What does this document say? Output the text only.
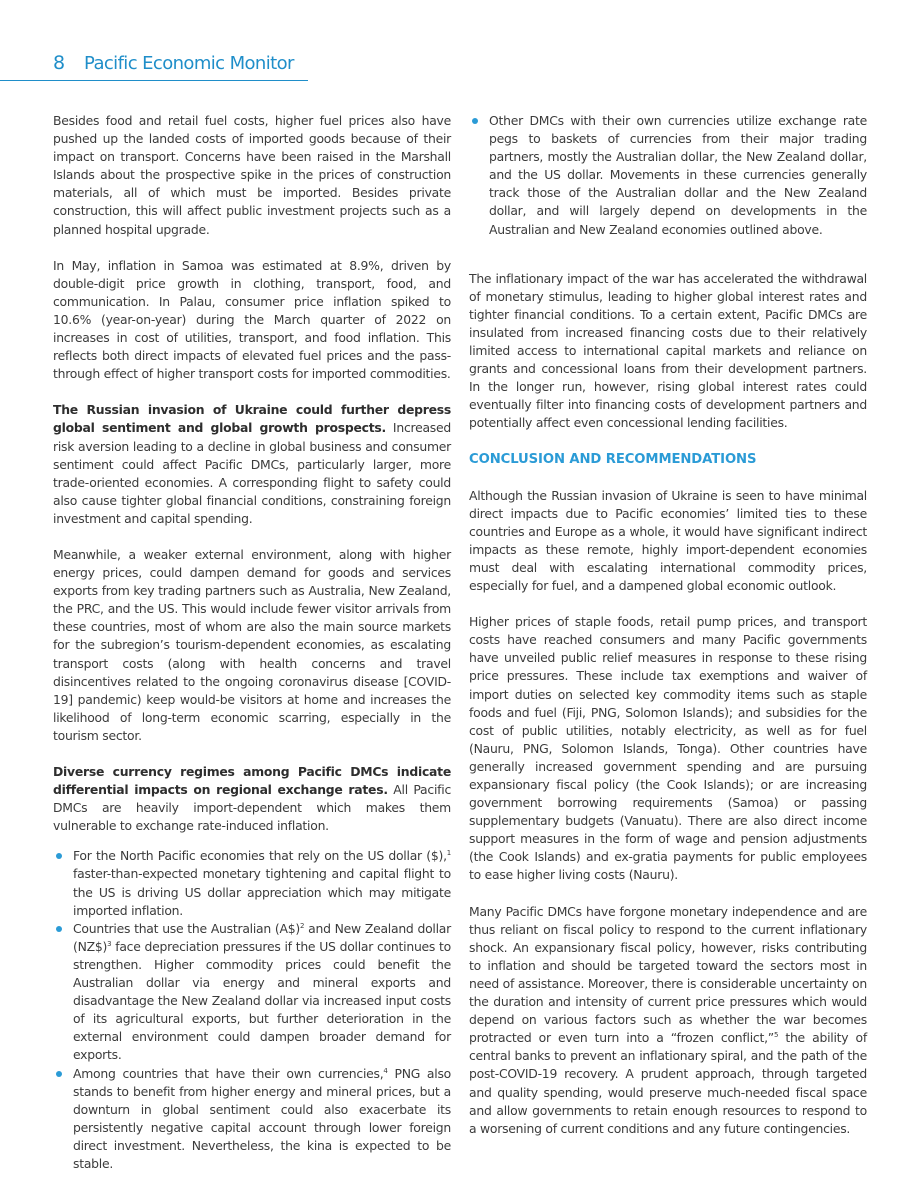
8 Pacific Economic Monitor

Besides food and retail fuel costs, higher fuel prices also have pushed up the landed costs of imported goods because of their impact on transport. Concerns have been raised in the Marshall Islands about the prospective spike in the prices of construction materials, all of which must be imported. Besides private construction, this will affect public investment projects such as a planned hospital upgrade.

In May, inflation in Samoa was estimated at 8.9%, driven by double-digit price growth in clothing, transport, food, and communication. In Palau, consumer price inflation spiked to 10.6% (year-on-year) during the March quarter of 2022 on increases in cost of utilities, transport, and food inflation. This reflects both direct impacts of elevated fuel prices and the pass-through effect of higher transport costs for imported commodities.

The Russian invasion of Ukraine could further depress global sentiment and global growth prospects. Increased risk aversion leading to a decline in global business and consumer sentiment could affect Pacific DMCs, particularly larger, more trade-oriented economies. A corresponding flight to safety could also cause tighter global financial conditions, constraining foreign investment and capital spending.

Meanwhile, a weaker external environment, along with higher energy prices, could dampen demand for goods and services exports from key trading partners such as Australia, New Zealand, the PRC, and the US. This would include fewer visitor arrivals from these countries, most of whom are also the main source markets for the subregion’s tourism-dependent economies, as escalating transport costs (along with health concerns and travel disincentives related to the ongoing coronavirus disease [COVID-19] pandemic) keep would-be visitors at home and increases the likelihood of long-term economic scarring, especially in the tourism sector.

Diverse currency regimes among Pacific DMCs indicate differential impacts on regional exchange rates. All Pacific DMCs are heavily import-dependent which makes them vulnerable to exchange rate-induced inflation.

For the North Pacific economies that rely on the US dollar ($),$^1$ faster-than-expected monetary tightening and capital flight to the US is driving US dollar appreciation which may mitigate imported inflation.
Countries that use the Australian (A$)$^2$ and New Zealand dollar (NZ$)$^3$ face depreciation pressures if the US dollar continues to strengthen. Higher commodity prices could benefit the Australian dollar via energy and mineral exports and disadvantage the New Zealand dollar via increased input costs of its agricultural exports, but further deterioration in the external environment could dampen broader demand for exports.
Among countries that have their own currencies,$^4$ PNG also stands to benefit from higher energy and mineral prices, but a downturn in global sentiment could also exacerbate its persistently negative capital account through lower foreign direct investment. Nevertheless, the kina is expected to be stable.
Other DMCs with their own currencies utilize exchange rate pegs to baskets of currencies from their major trading partners, mostly the Australian dollar, the New Zealand dollar, and the US dollar. Movements in these currencies generally track those of the Australian dollar and the New Zealand dollar, and will largely depend on developments in the Australian and New Zealand economies outlined above.

The inflationary impact of the war has accelerated the withdrawal of monetary stimulus, leading to higher global interest rates and tighter financial conditions. To a certain extent, Pacific DMCs are insulated from increased financing costs due to their relatively limited access to international capital markets and reliance on grants and concessional loans from their development partners. In the longer run, however, rising global interest rates could eventually filter into financing costs of development partners and potentially affect even concessional lending facilities.

CONCLUSION AND RECOMMENDATIONS

Although the Russian invasion of Ukraine is seen to have minimal direct impacts due to Pacific economies’ limited ties to these countries and Europe as a whole, it would have significant indirect impacts as these remote, highly import-dependent economies must deal with escalating international commodity prices, especially for fuel, and a dampened global economic outlook.

Higher prices of staple foods, retail pump prices, and transport costs have reached consumers and many Pacific governments have unveiled public relief measures in response to these rising price pressures. These include tax exemptions and waiver of import duties on selected key commodity items such as staple foods and fuel (Fiji, PNG, Solomon Islands); and subsidies for the cost of public utilities, notably electricity, as well as for fuel (Nauru, PNG, Solomon Islands, Tonga). Other countries have generally increased government spending and are pursuing expansionary fiscal policy (the Cook Islands); or are increasing government borrowing requirements (Samoa) or passing supplementary budgets (Vanuatu). There are also direct income support measures in the form of wage and pension adjustments (the Cook Islands) and ex-gratia payments for public employees to ease higher living costs (Nauru).

Many Pacific DMCs have forgone monetary independence and are thus reliant on fiscal policy to respond to the current inflationary shock. An expansionary fiscal policy, however, risks contributing to inflation and should be targeted toward the sectors most in need of assistance. Moreover, there is considerable uncertainty on the duration and intensity of current price pressures which would depend on various factors such as whether the war becomes protracted or even turn into a “frozen conflict,”$^5$ the ability of central banks to prevent an inflationary spiral, and the path of the post-COVID-19 recovery. A prudent approach, through targeted and quality spending, would preserve much-needed fiscal space and allow governments to retain enough resources to respond to a worsening of current conditions and any future contingencies.
